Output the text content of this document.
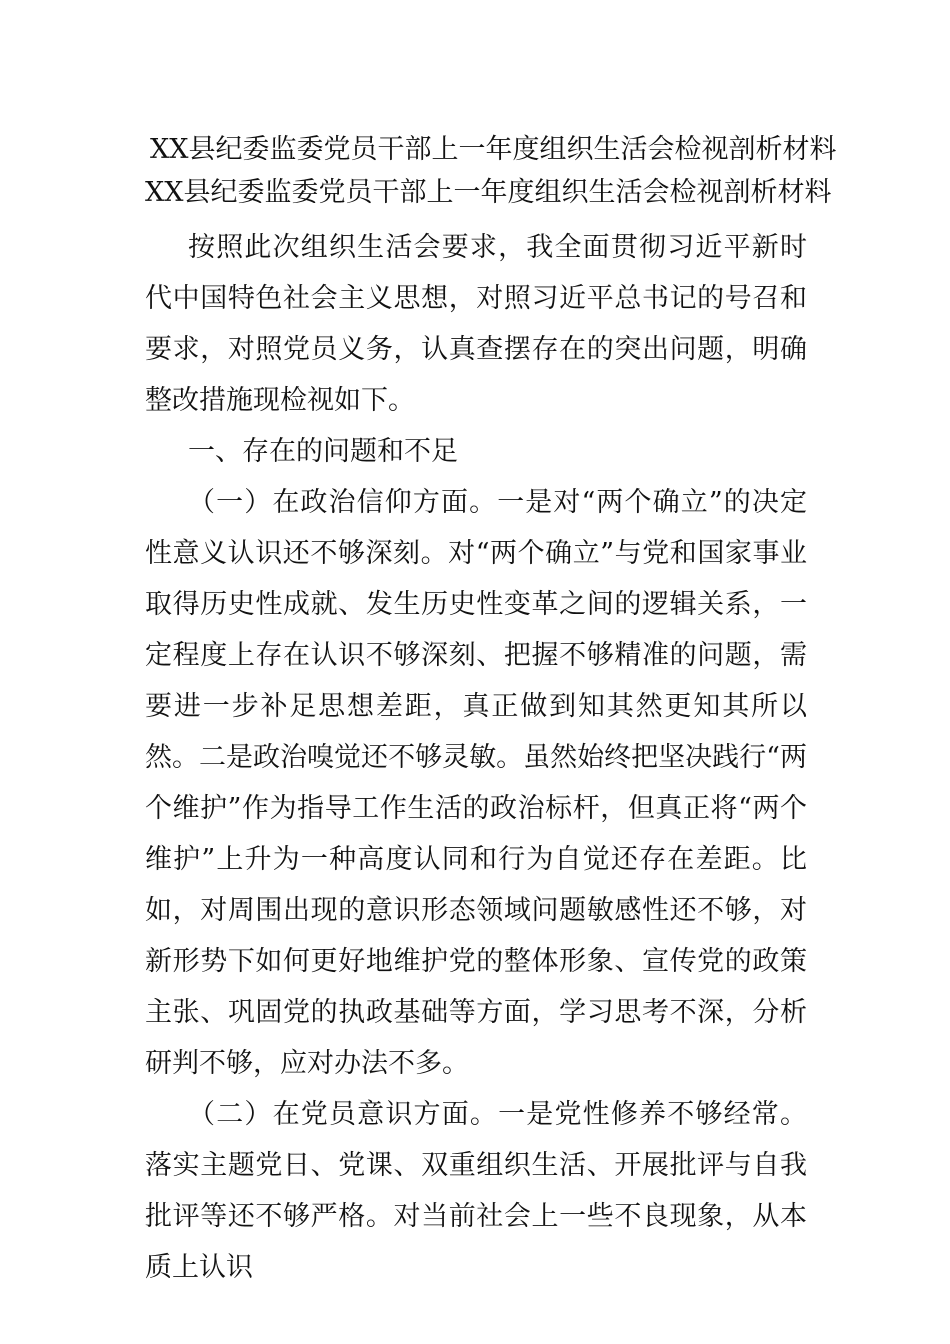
XX县纪委监委党员干部上一年度组织生活会检视剖析材料

XX县纪委监委党员干部上一年度组织生活会检视剖析材料

按照此次组织生活会要求，我全面贯彻习近平新时代中国特色社会主义思想，对照习近平总书记的号召和要求，对照党员义务，认真查摆存在的突出问题，明确整改措施现检视如下。

一、存在的问题和不足

（一）在政治信仰方面。一是对“两个确立”的决定性意义认识还不够深刻。对“两个确立”与党和国家事业取得历史性成就、发生历史性变革之间的逻辑关系，一定程度上存在认识不够深刻、把握不够精准的问题，需要进一步补足思想差距，真正做到知其然更知其所以然。二是政治嗅觉还不够灵敏。虽然始终把坚决践行“两个维护”作为指导工作生活的政治标杆，但真正将“两个维护”上升为一种高度认同和行为自觉还存在差距。比如，对周围出现的意识形态领域问题敏感性还不够，对新形势下如何更好地维护党的整体形象、宣传党的政策主张、巩固党的执政基础等方面，学习思考不深，分析研判不够，应对办法不多。

（二）在党员意识方面。一是党性修养不够经常。落实主题党日、党课、双重组织生活、开展批评与自我批评等还不够严格。对当前社会上一些不良现象，从本质上认识
